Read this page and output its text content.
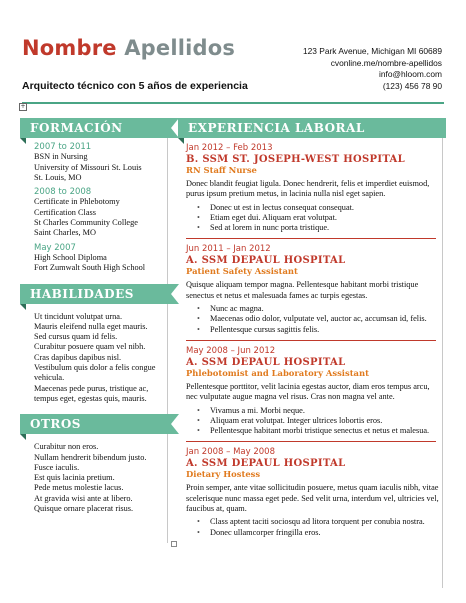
Nombre Apellidos
Arquitecto técnico con 5 años de experiencia
123 Park Avenue, Michigan MI 60689
cvonline.me/nombre-apellidos
info@hloom.com
(123) 456 78 90
+
FORMACIÓN
2007 to 2011
BSN in Nursing
University of Missouri St. Louis
St. Louis, MO
2008 to 2008
Certificate in Phlebotomy
Certification Class
St Charles Community College
Saint Charles, MO
May 2007
High School Diploma
Fort Zumwalt South High School
HABILIDADES
Ut tincidunt volutpat urna.
Mauris eleifend nulla eget mauris.
Sed cursus quam id felis.
Curabitur posuere quam vel nibh.
Cras dapibus dapibus nisl.
Vestibulum quis dolor a felis congue
vehicula.
Maecenas pede purus, tristique ac,
tempus eget, egestas quis, mauris.
OTROS
Curabitur non eros.
Nullam hendrerit bibendum justo.
Fusce iaculis.
Est quis lacinia pretium.
Pede metus molestie lacus.
At gravida wisi ante at libero.
Quisque ornare placerat risus.
EXPERIENCIA LABORAL
Jan 2012 – Feb 2013
B. SSM ST. JOSEPH-WEST HOSPITAL
RN Staff Nurse
Donec blandit feugiat ligula. Donec hendrerit, felis et imperdiet euismod, purus ipsum pretium metus, in lacinia nulla nisl eget sapien.
• Donec ut est in lectus consequat consequat.
• Etiam eget dui. Aliquam erat volutpat.
• Sed at lorem in nunc porta tristique.
Jun 2011 – Jan 2012
A. SSM DEPAUL HOSPITAL
Patient Safety Assistant
Quisque aliquam tempor magna. Pellentesque habitant morbi tristique senectus et netus et malesuada fames ac turpis egestas.
• Nunc ac magna.
• Maecenas odio dolor, vulputate vel, auctor ac, accumsan id, felis.
• Pellentesque cursus sagittis felis.
May 2008 – Jun 2012
A. SSM DEPAUL HOSPITAL
Phlebotomist and Laboratory Assistant
Pellentesque porttitor, velit lacinia egestas auctor, diam eros tempus arcu, nec vulputate augue magna vel risus. Cras non magna vel ante.
• Vivamus a mi. Morbi neque.
• Aliquam erat volutpat. Integer ultrices lobortis eros.
• Pellentesque habitant morbi tristique senectus et netus et malesua.
Jan 2008 – May 2008
A. SSM DEPAUL HOSPITAL
Dietary Hostess
Proin semper, ante vitae sollicitudin posuere, metus quam iaculis nibh, vitae scelerisque nunc massa eget pede. Sed velit urna, interdum vel, ultricies vel, faucibus at, quam.
• Class aptent taciti sociosqu ad litora torquent per conubia nostra.
• Donec ullamcorper fringilla eros.
